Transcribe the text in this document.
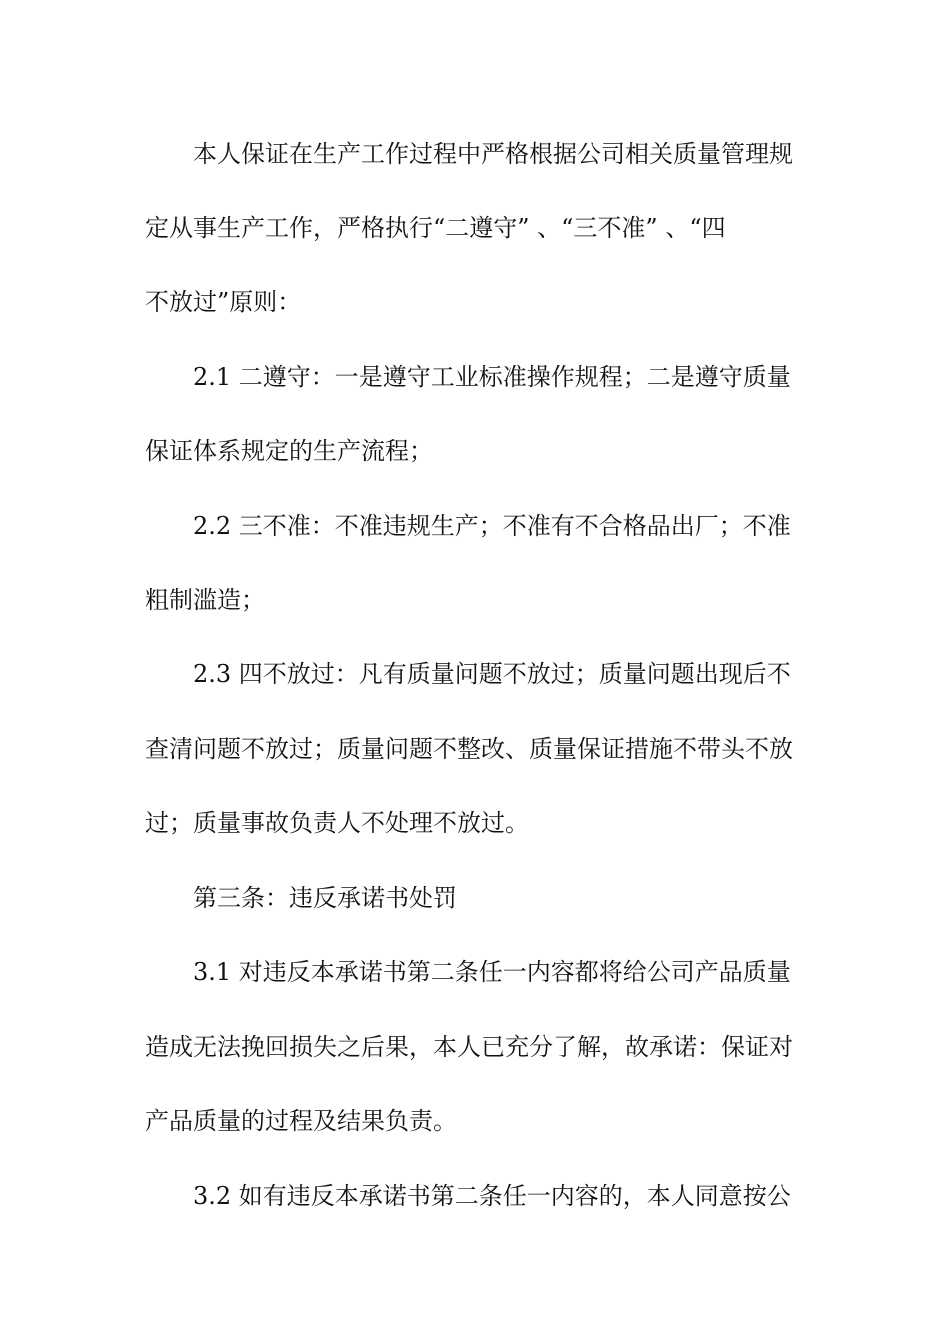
本人保证在生产工作过程中严格根据公司相关质量管理规

定从事生产工作，严格执行“二遵守” 、“三不准” 、“四

不放过”原则：

2.1 二遵守：一是遵守工业标准操作规程；二是遵守质量

保证体系规定的生产流程；

2.2 三不准：不准违规生产；不准有不合格品出厂；不准

粗制滥造；

2.3 四不放过：凡有质量问题不放过；质量问题出现后不

查清问题不放过；质量问题不整改、质量保证措施不带头不放

过；质量事故负责人不处理不放过。

第三条：违反承诺书处罚

3.1 对违反本承诺书第二条任一内容都将给公司产品质量

造成无法挽回损失之后果，本人已充分了解，故承诺：保证对

产品质量的过程及结果负责。

3.2 如有违反本承诺书第二条任一内容的，本人同意按公
